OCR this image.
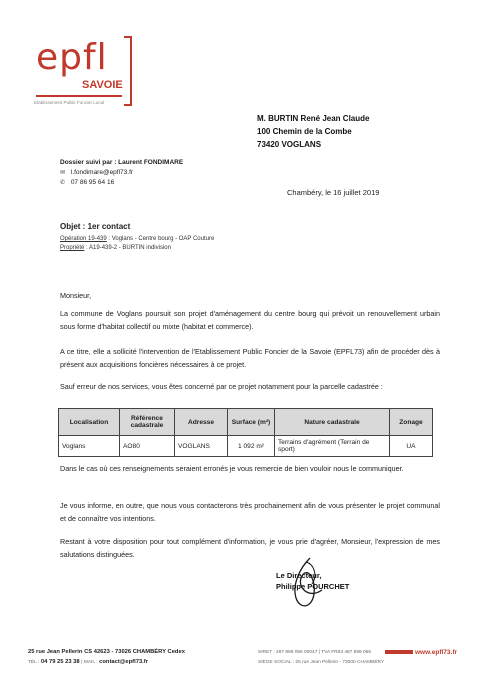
epfl
SAVOIE
Etablissement Public Foncier Local
M. BURTIN René Jean Claude
100 Chemin de la Combe
73420 VOGLANS
Dossier suivi par : Laurent FONDIMARE
✉ l.fondimare@epfl73.fr
✆ 07 86 95 64 16
Chambéry, le 16 juillet 2019
Objet : 1er contact
Opération 19-439 : Voglans - Centre bourg - OAP Couture
Propriété : A19-439-2 - BURTIN indivision
Monsieur,
La commune de Voglans poursuit son projet d'aménagement du centre bourg qui prévoit un renouvellement urbain sous forme d'habitat collectif ou mixte (habitat et commerce).
A ce titre, elle a sollicité l'intervention de l'Etablissement Public Foncier de la Savoie (EPFL73) afin de procéder dès à présent aux acquisitions foncières nécessaires à ce projet.
Sauf erreur de nos services, vous êtes concerné par ce projet notamment pour la parcelle cadastrée :
Localisation	Référence cadastrale	Adresse	Surface (m²)	Nature cadastrale	Zonage
Voglans	AO80	VOGLANS	1 092 m²	Terrains d'agrément (Terrain de sport)	UA
Dans le cas où ces renseignements seraient erronés je vous remercie de bien vouloir nous le communiquer.
Je vous informe, en outre, que nous vous contacterons très prochainement afin de vous présenter le projet communal et de connaître vos intentions.
Restant à votre disposition pour tout complément d'information, je vous prie d'agréer, Monsieur, l'expression de mes salutations distinguées.
Le Directeur,
Philippe POURCHET
25 rue Jean Pellerin CS 42623 - 73026 CHAMBÉRY Cedex
TÉL : 04 79 25 23 38 | MAIL : contact@epfl73.fr
SIRET : 487 899 056 00047 | TVA FR53 487 899 056
SIÈGE SOCIAL : 25 rue Jean Pellerin - 73000 CHAMBÉRY
www.epfl73.fr
